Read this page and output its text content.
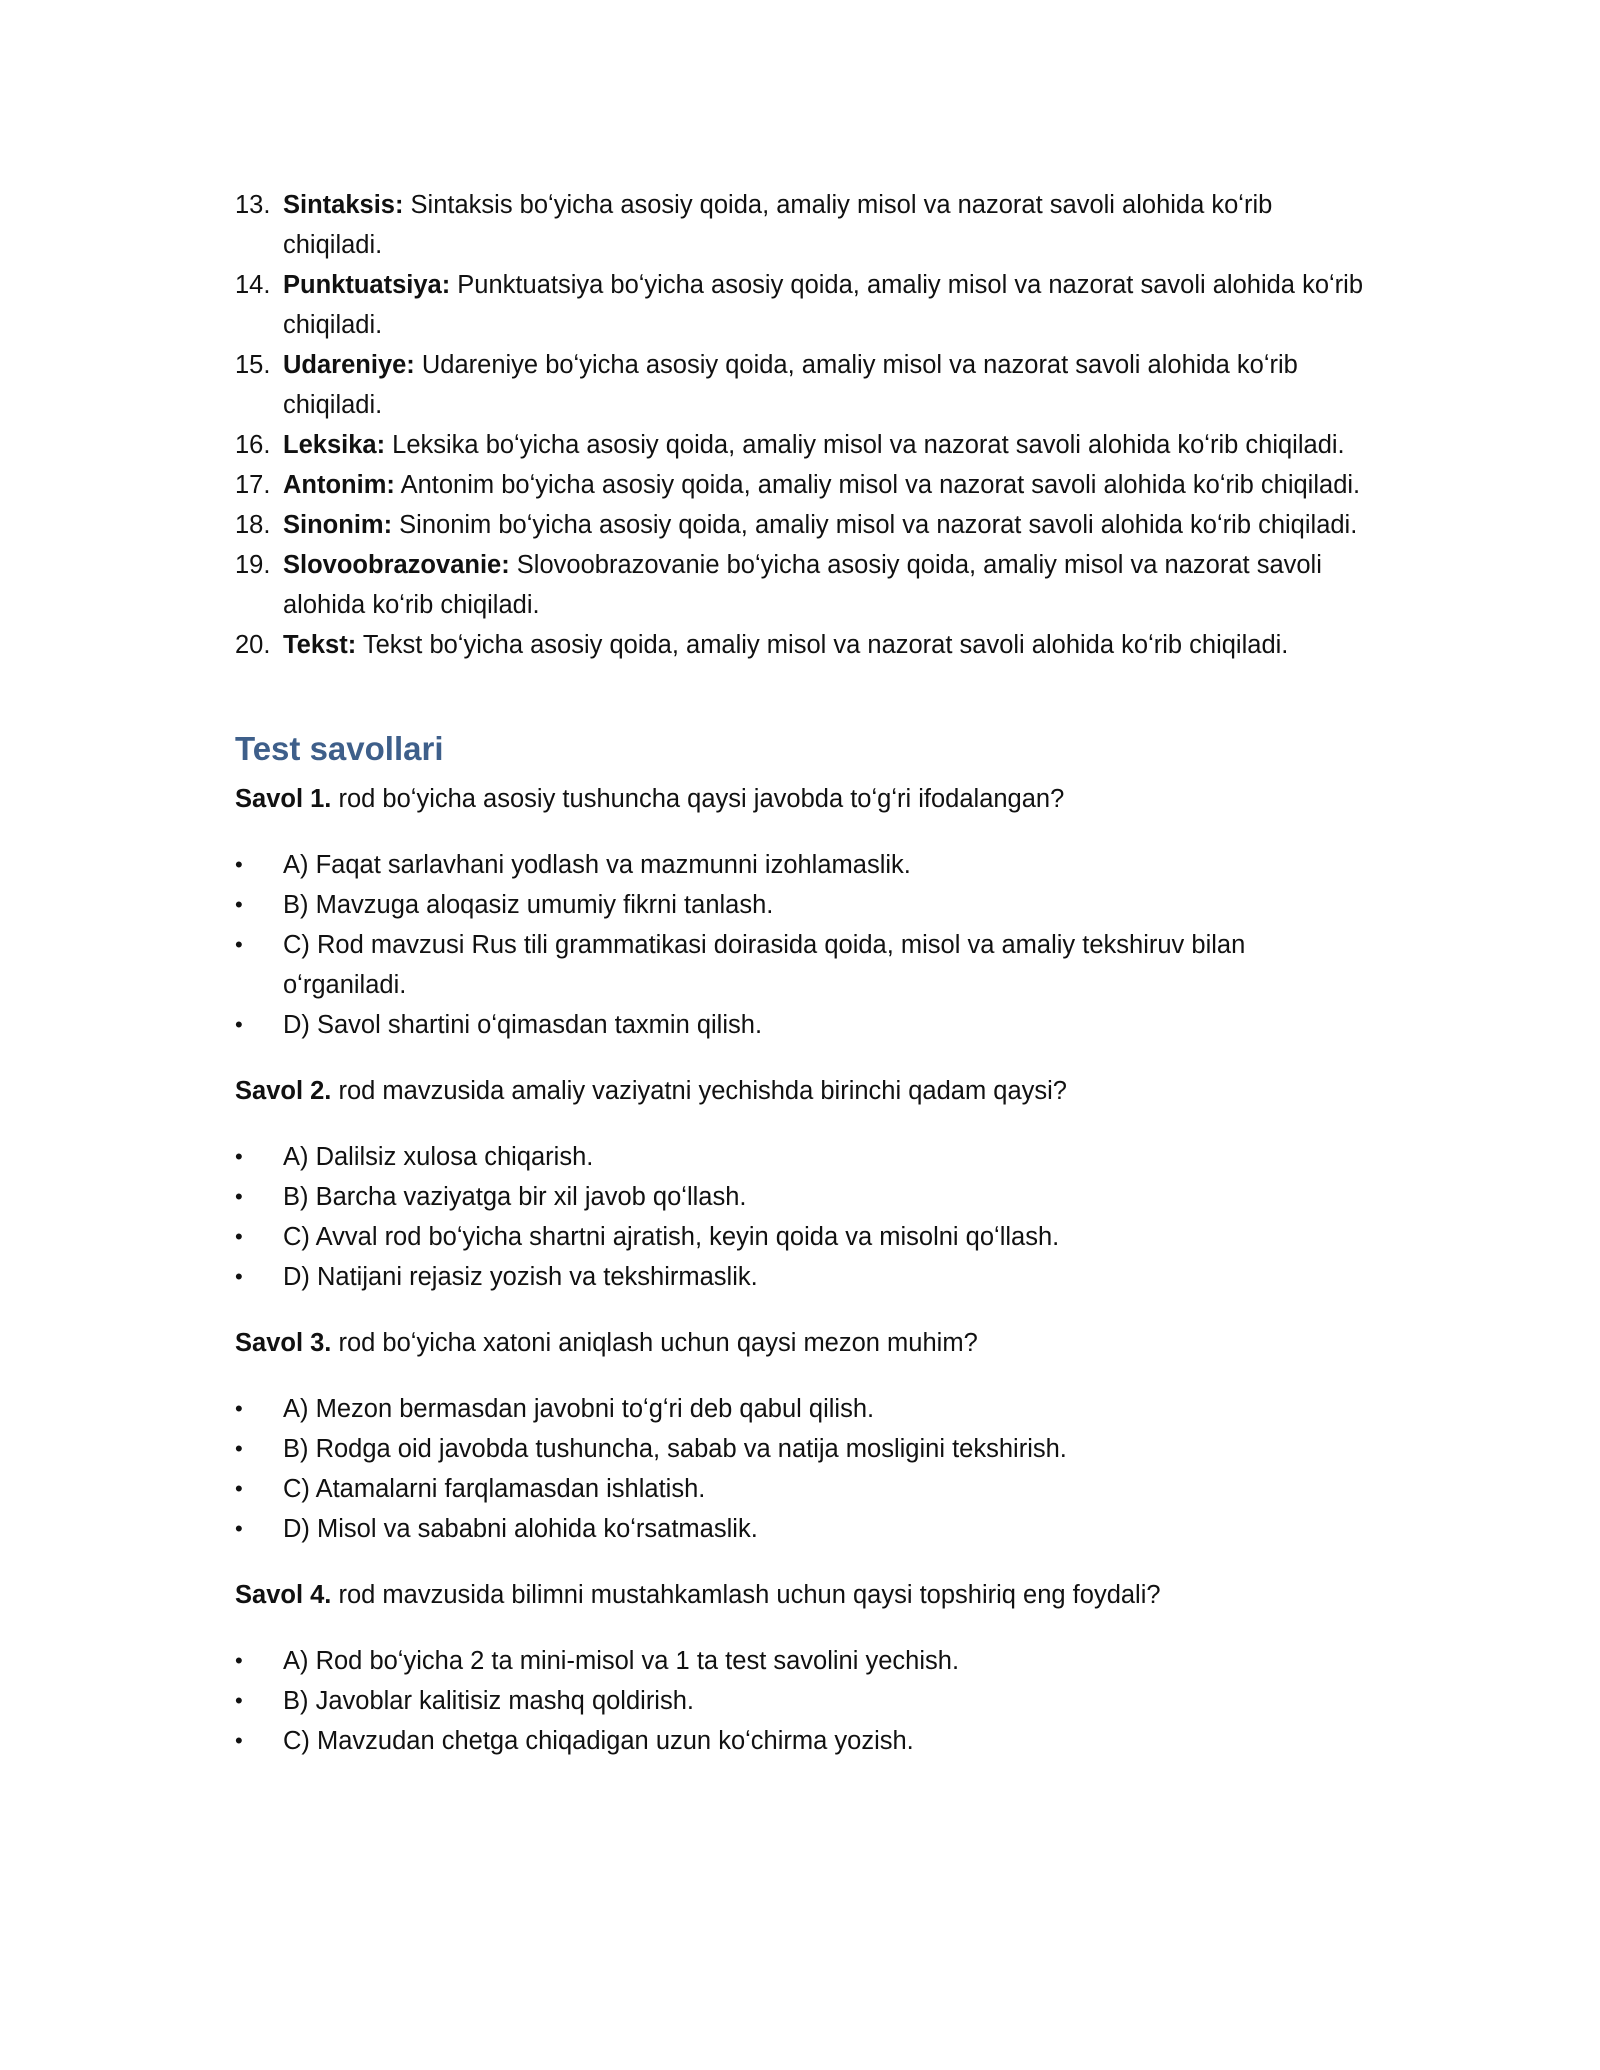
13. Sintaksis: Sintaksis boʻyicha asosiy qoida, amaliy misol va nazorat savoli alohida koʻrib chiqiladi.
14. Punktuatsiya: Punktuatsiya boʻyicha asosiy qoida, amaliy misol va nazorat savoli alohida koʻrib chiqiladi.
15. Udareniye: Udareniye boʻyicha asosiy qoida, amaliy misol va nazorat savoli alohida koʻrib chiqiladi.
16. Leksika: Leksika boʻyicha asosiy qoida, amaliy misol va nazorat savoli alohida koʻrib chiqiladi.
17. Antonim: Antonim boʻyicha asosiy qoida, amaliy misol va nazorat savoli alohida koʻrib chiqiladi.
18. Sinonim: Sinonim boʻyicha asosiy qoida, amaliy misol va nazorat savoli alohida koʻrib chiqiladi.
19. Slovoobrazovanie: Slovoobrazovanie boʻyicha asosiy qoida, amaliy misol va nazorat savoli alohida koʻrib chiqiladi.
20. Tekst: Tekst boʻyicha asosiy qoida, amaliy misol va nazorat savoli alohida koʻrib chiqiladi.
Test savollari

Savol 1. rod boʻyicha asosiy tushuncha qaysi javobda toʻgʻri ifodalangan?

• A) Faqat sarlavhani yodlash va mazmunni izohlamaslik.
• B) Mavzuga aloqasiz umumiy fikrni tanlash.
• C) Rod mavzusi Rus tili grammatikasi doirasida qoida, misol va amaliy tekshiruv bilan oʻrganiladi.
• D) Savol shartini oʻqimasdan taxmin qilish.

Savol 2. rod mavzusida amaliy vaziyatni yechishda birinchi qadam qaysi?

• A) Dalilsiz xulosa chiqarish.
• B) Barcha vaziyatga bir xil javob qoʻllash.
• C) Avval rod boʻyicha shartni ajratish, keyin qoida va misolni qoʻllash.
• D) Natijani rejasiz yozish va tekshirmaslik.

Savol 3. rod boʻyicha xatoni aniqlash uchun qaysi mezon muhim?

• A) Mezon bermasdan javobni toʻgʻri deb qabul qilish.
• B) Rodga oid javobda tushuncha, sabab va natija mosligini tekshirish.
• C) Atamalarni farqlamasdan ishlatish.
• D) Misol va sababni alohida koʻrsatmaslik.

Savol 4. rod mavzusida bilimni mustahkamlash uchun qaysi topshiriq eng foydali?

• A) Rod boʻyicha 2 ta mini-misol va 1 ta test savolini yechish.
• B) Javoblar kalitisiz mashq qoldirish.
• C) Mavzudan chetga chiqadigan uzun koʻchirma yozish.
